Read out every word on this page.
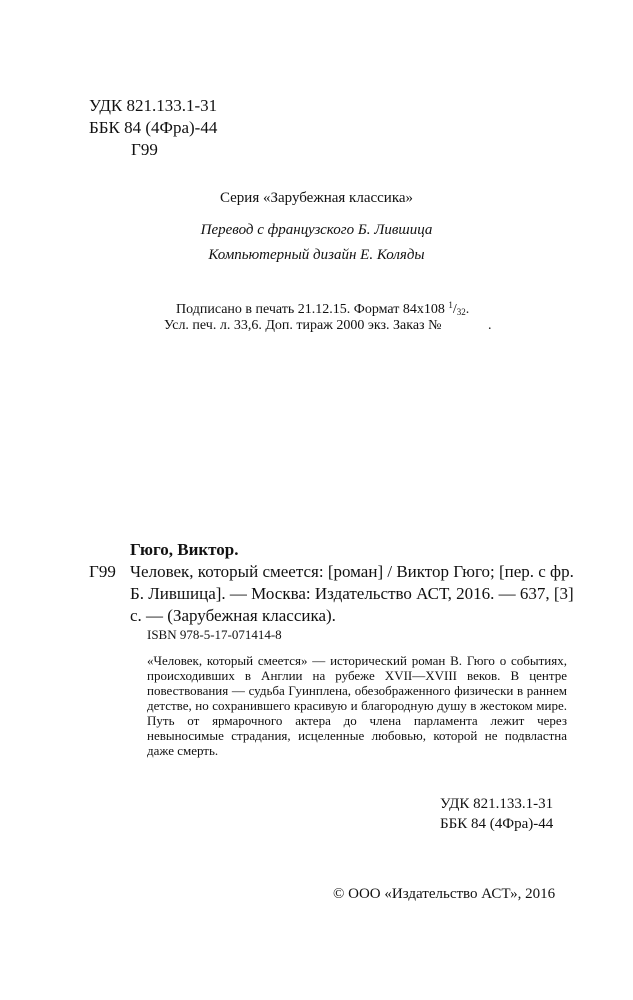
УДК 821.133.1-31
ББК 84 (4Фра)-44
Г99
Серия «Зарубежная классика»
Перевод с французского Б. Лившица
Компьютерный дизайн Е. Коляды
Подписано в печать 21.12.15. Формат 84x108 $^1/_{32}$.
Усл. печ. л. 33,6. Доп. тираж 2000 экз. Заказ №	.
Гюго, Виктор.
Г99 Человек, который смеется: [роман] / Виктор Гюго; [пер. с фр. Б. Лившица]. — Москва: Издательство АСТ, 2016. — 637, [3] с. — (Зарубежная классика).

ISBN 978-5-17-071414-8

«Человек, который смеется» — исторический роман В. Гюго о событиях, происходивших в Англии на рубеже XVII—XVIII веков. В центре повествования — судьба Гуинплена, обезображенного физически в раннем детстве, но сохранившего красивую и благородную душу в жестоком мире. Путь от ярмарочного актера до члена парламента лежит через невыносимые страдания, исцеленные любовью, которой не подвластна даже смерть.

УДК 821.133.1-31
ББК 84 (4Фра)-44
© ООО «Издательство АСТ», 2016
